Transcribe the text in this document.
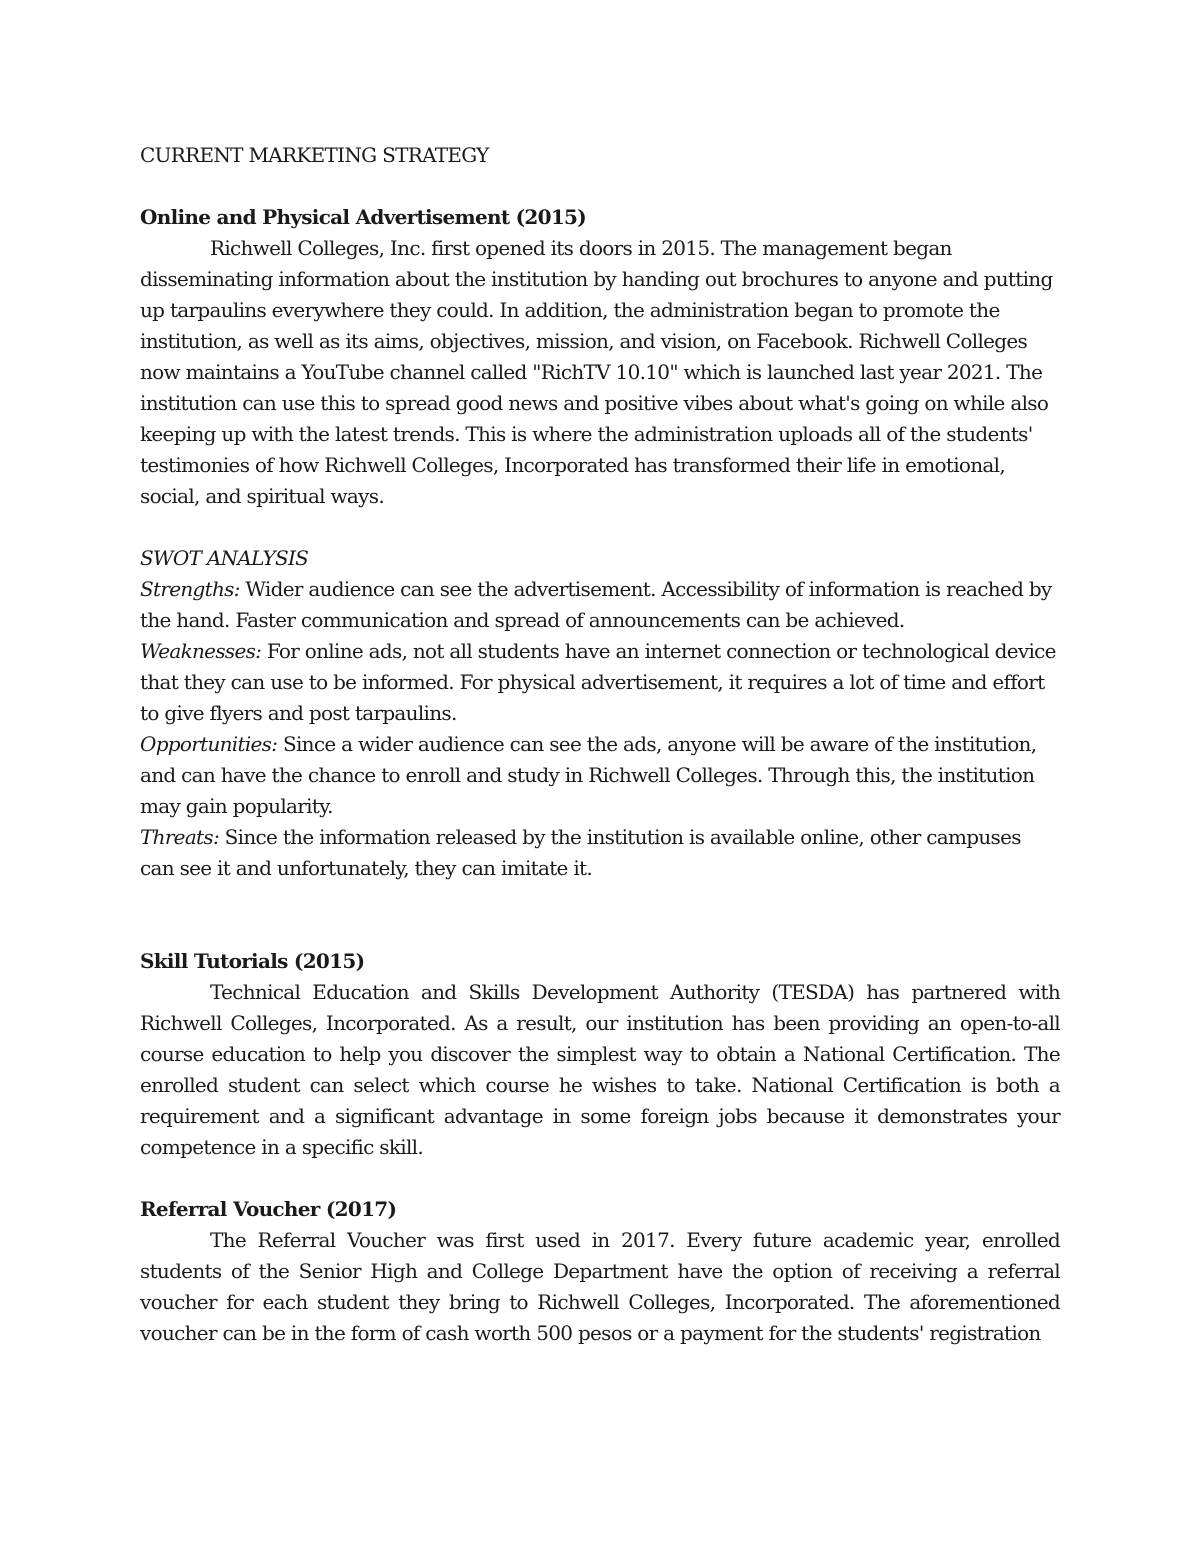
CURRENT MARKETING STRATEGY
Online and Physical Advertisement (2015)

Richwell Colleges, Inc. first opened its doors in 2015. The management began disseminating information about the institution by handing out brochures to anyone and putting up tarpaulins everywhere they could. In addition, the administration began to promote the institution, as well as its aims, objectives, mission, and vision, on Facebook. Richwell Colleges now maintains a YouTube channel called "RichTV 10.10" which is launched last year 2021. The institution can use this to spread good news and positive vibes about what's going on while also keeping up with the latest trends. This is where the administration uploads all of the students' testimonies of how Richwell Colleges, Incorporated has transformed their life in emotional, social, and spiritual ways.

SWOT ANALYSIS

Strengths: Wider audience can see the advertisement. Accessibility of information is reached by the hand. Faster communication and spread of announcements can be achieved.

Weaknesses: For online ads, not all students have an internet connection or technological device that they can use to be informed. For physical advertisement, it requires a lot of time and effort to give flyers and post tarpaulins.

Opportunities: Since a wider audience can see the ads, anyone will be aware of the institution, and can have the chance to enroll and study in Richwell Colleges. Through this, the institution may gain popularity.

Threats: Since the information released by the institution is available online, other campuses can see it and unfortunately, they can imitate it.

Skill Tutorials (2015)

Technical Education and Skills Development Authority (TESDA) has partnered with Richwell Colleges, Incorporated. As a result, our institution has been providing an open-to-all course education to help you discover the simplest way to obtain a National Certification. The enrolled student can select which course he wishes to take. National Certification is both a requirement and a significant advantage in some foreign jobs because it demonstrates your competence in a specific skill.

Referral Voucher (2017)

The Referral Voucher was first used in 2017. Every future academic year, enrolled students of the Senior High and College Department have the option of receiving a referral voucher for each student they bring to Richwell Colleges, Incorporated. The aforementioned voucher can be in the form of cash worth 500 pesos or a payment for the students' registration
